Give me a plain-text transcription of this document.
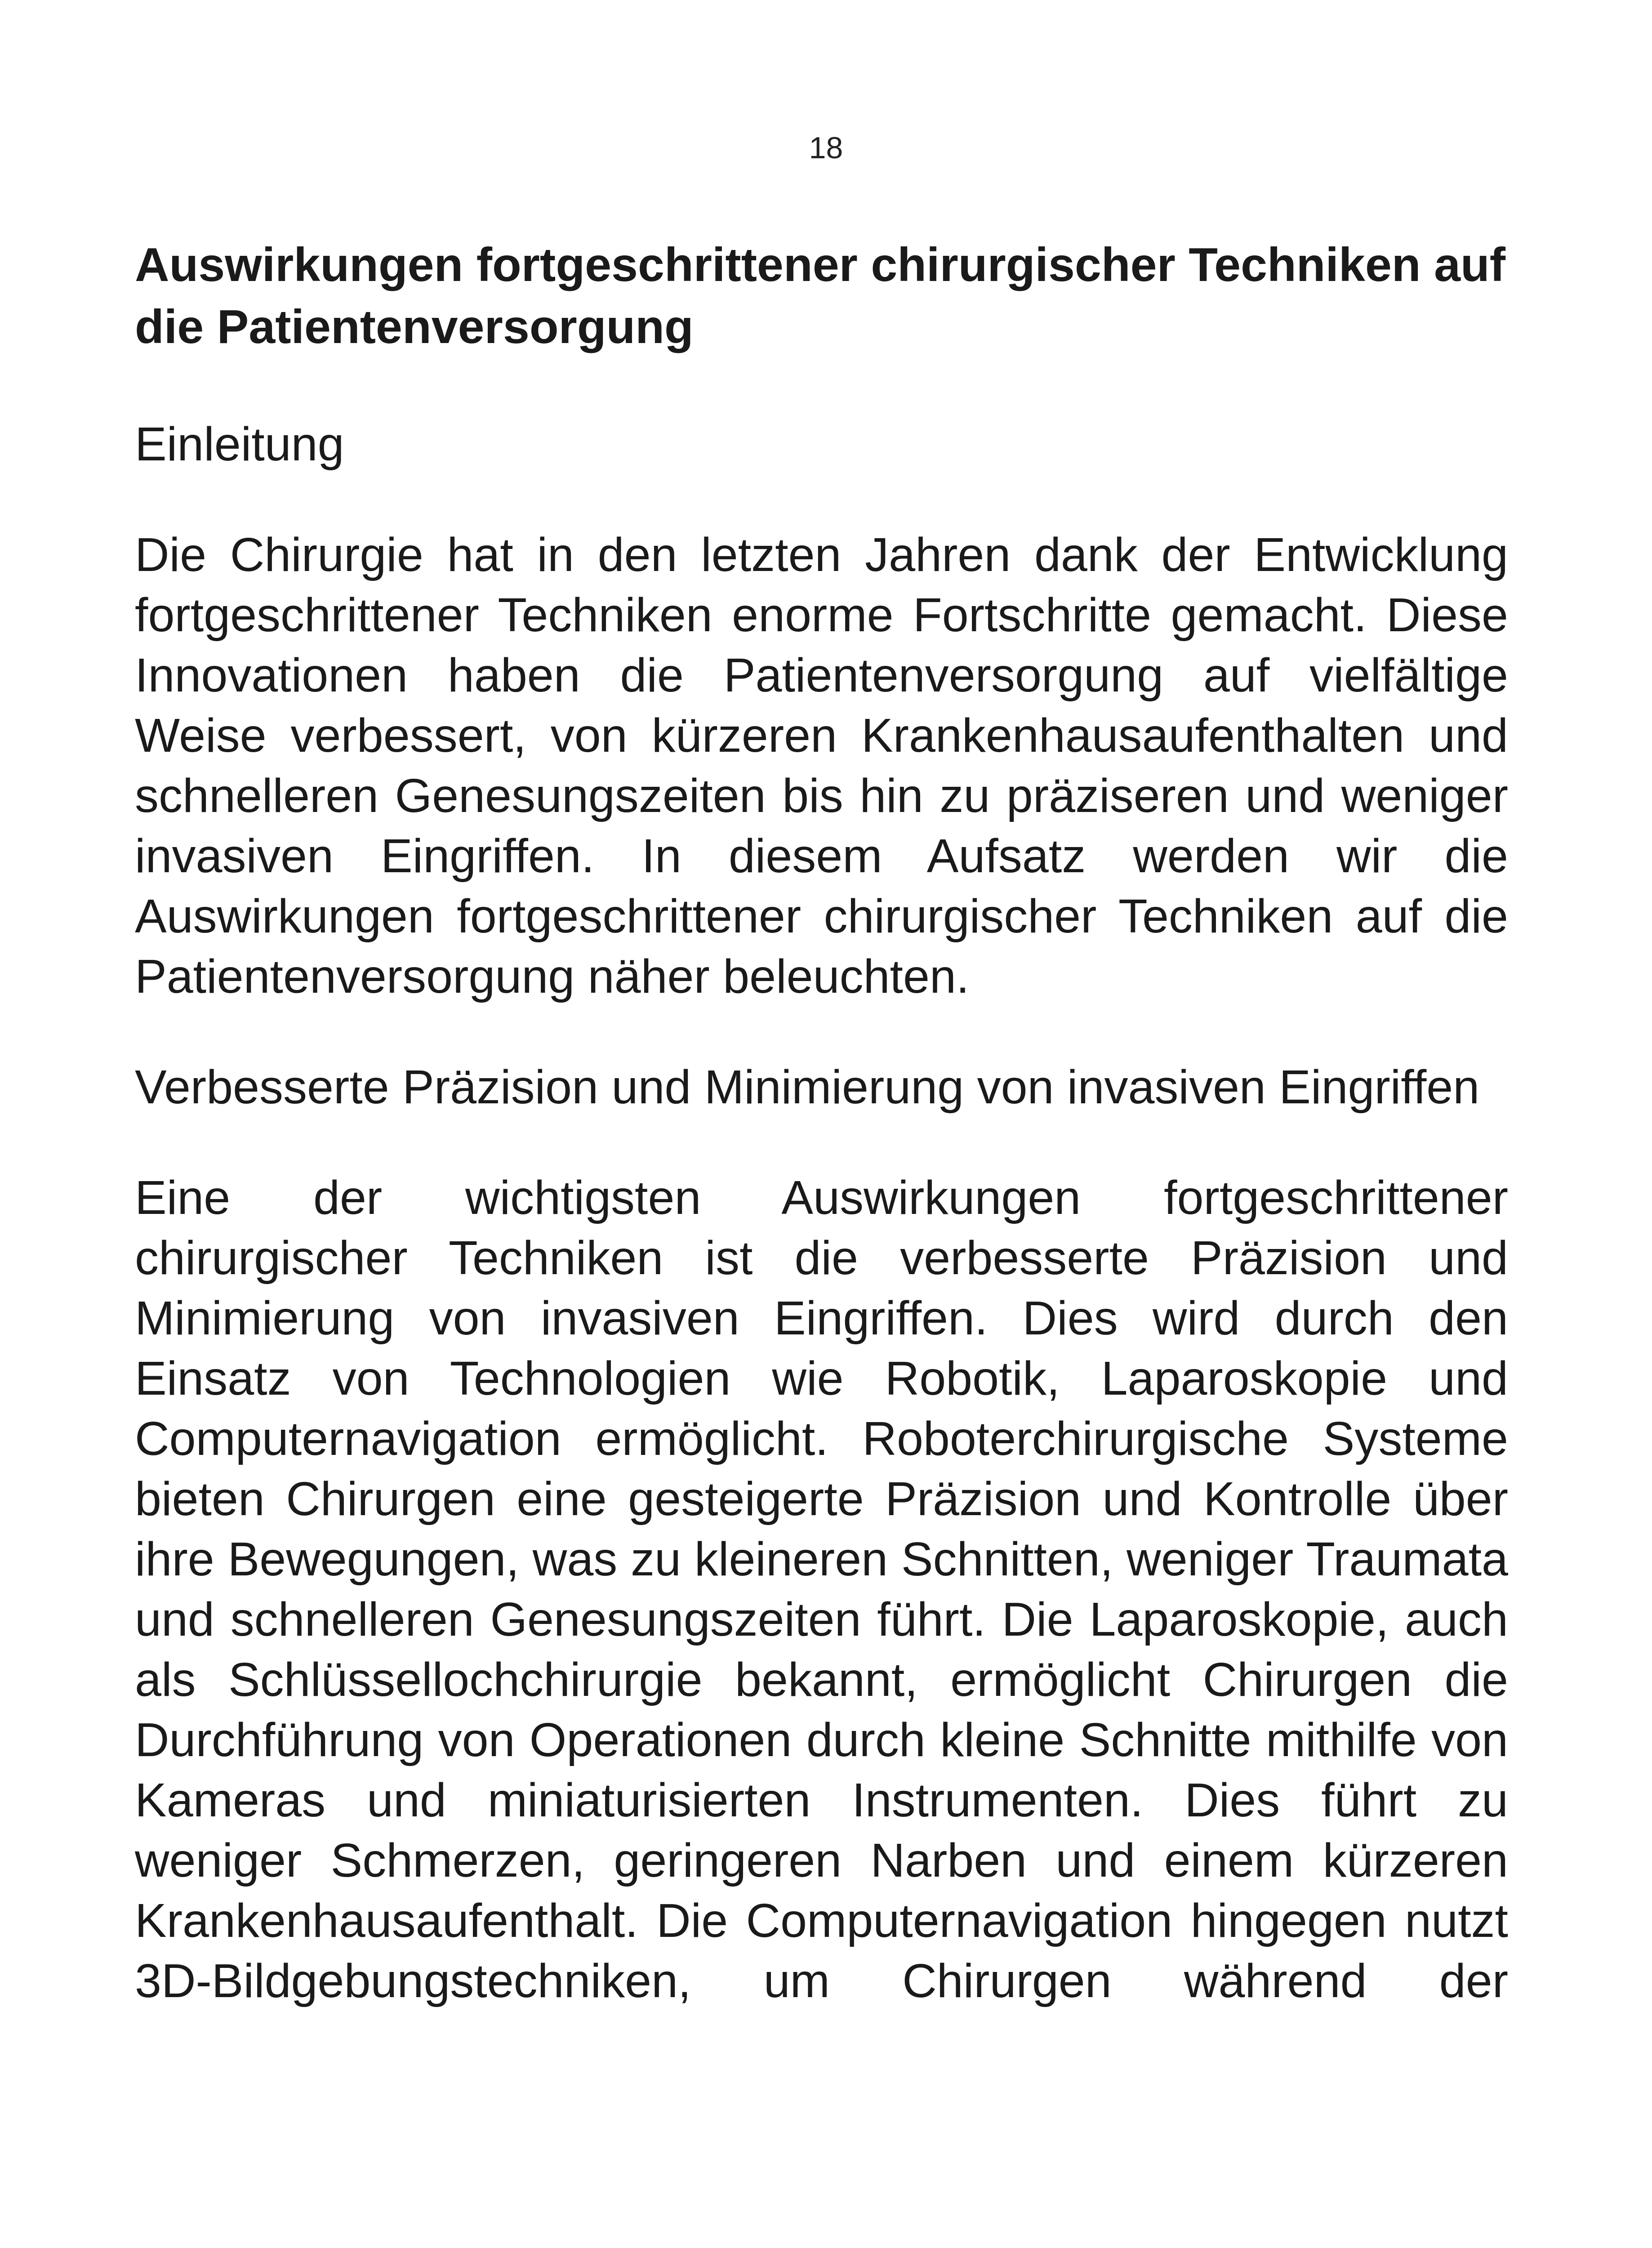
18
Auswirkungen fortgeschrittener chirurgischer Techniken auf die Patientenversorgung
Einleitung

Die Chirurgie hat in den letzten Jahren dank der Entwicklung fortgeschrittener Techniken enorme Fortschritte gemacht. Diese Innovationen haben die Patientenversorgung auf vielfältige Weise verbessert, von kürzeren Krankenhausaufenthalten und schnelleren Genesungszeiten bis hin zu präziseren und weniger invasiven Eingriffen. In diesem Aufsatz werden wir die Auswirkungen fortgeschrittener chirurgischer Techniken auf die Patientenversorgung näher beleuchten.

Verbesserte Präzision und Minimierung von invasiven Eingriffen

Eine der wichtigsten Auswirkungen fortgeschrittener chirurgischer Techniken ist die verbesserte Präzision und Minimierung von invasiven Eingriffen. Dies wird durch den Einsatz von Technologien wie Robotik, Laparoskopie und Computernavigation ermöglicht. Roboterchirurgische Systeme bieten Chirurgen eine gesteigerte Präzision und Kontrolle über ihre Bewegungen, was zu kleineren Schnitten, weniger Traumata und schnelleren Genesungszeiten führt. Die Laparoskopie, auch als Schlüssellochchirurgie bekannt, ermöglicht Chirurgen die Durchführung von Operationen durch kleine Schnitte mithilfe von Kameras und miniaturisierten Instrumenten. Dies führt zu weniger Schmerzen, geringeren Narben und einem kürzeren Krankenhausaufenthalt. Die Computernavigation hingegen nutzt 3D-Bildgebungstechniken, um Chirurgen während der
